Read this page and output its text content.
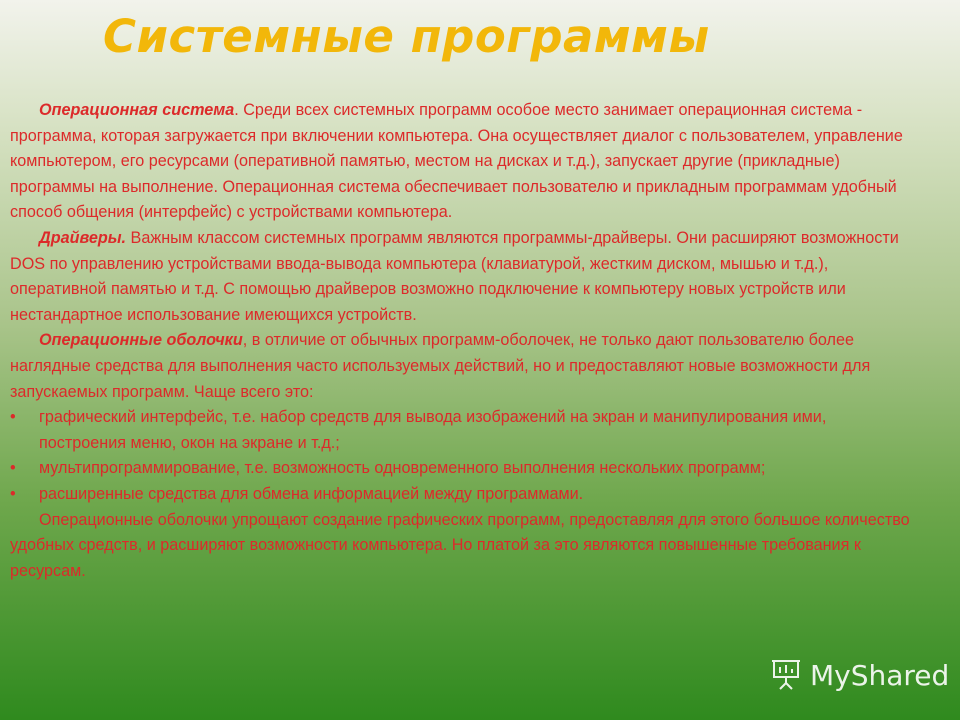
Системные программы

Операционная система. Среди всех системных программ особое место занимает операционная система - программа, которая загружается при включении компьютера. Она осуществляет диалог с пользователем, управление компьютером, его ресурсами (оперативной памятью, местом на дисках и т.д.), запускает другие (прикладные) программы на выполнение. Операционная система обеспечивает пользователю и прикладным программам удобный способ общения (интерфейс) с устройствами компьютера.

Драйверы. Важным классом системных программ являются программы-драйверы. Они расширяют возможности DOS по управлению устройствами ввода-вывода компьютера (клавиатурой, жестким диском, мышью и т.д.), оперативной памятью и т.д. С помощью драйверов возможно подключение к компьютеру новых устройств или нестандартное использование имеющихся устройств.

Операционные оболочки, в отличие от обычных программ-оболочек, не только дают пользователю более наглядные средства для выполнения часто используемых действий, но и предоставляют новые возможности для запускаемых программ. Чаще всего это:

• графический интерфейс, т.е. набор средств для вывода изображений на экран и манипулирования ими, построения меню, окон на экране и т.д.;
• мультипрограммирование, т.е. возможность одновременного выполнения нескольких программ;
• расширенные средства для обмена информацией между программами.

Операционные оболочки упрощают создание графических программ, предоставляя для этого большое количество удобных средств, и расширяют возможности компьютера. Но платой за это являются повышенные требования к ресурсам.

MyShared
